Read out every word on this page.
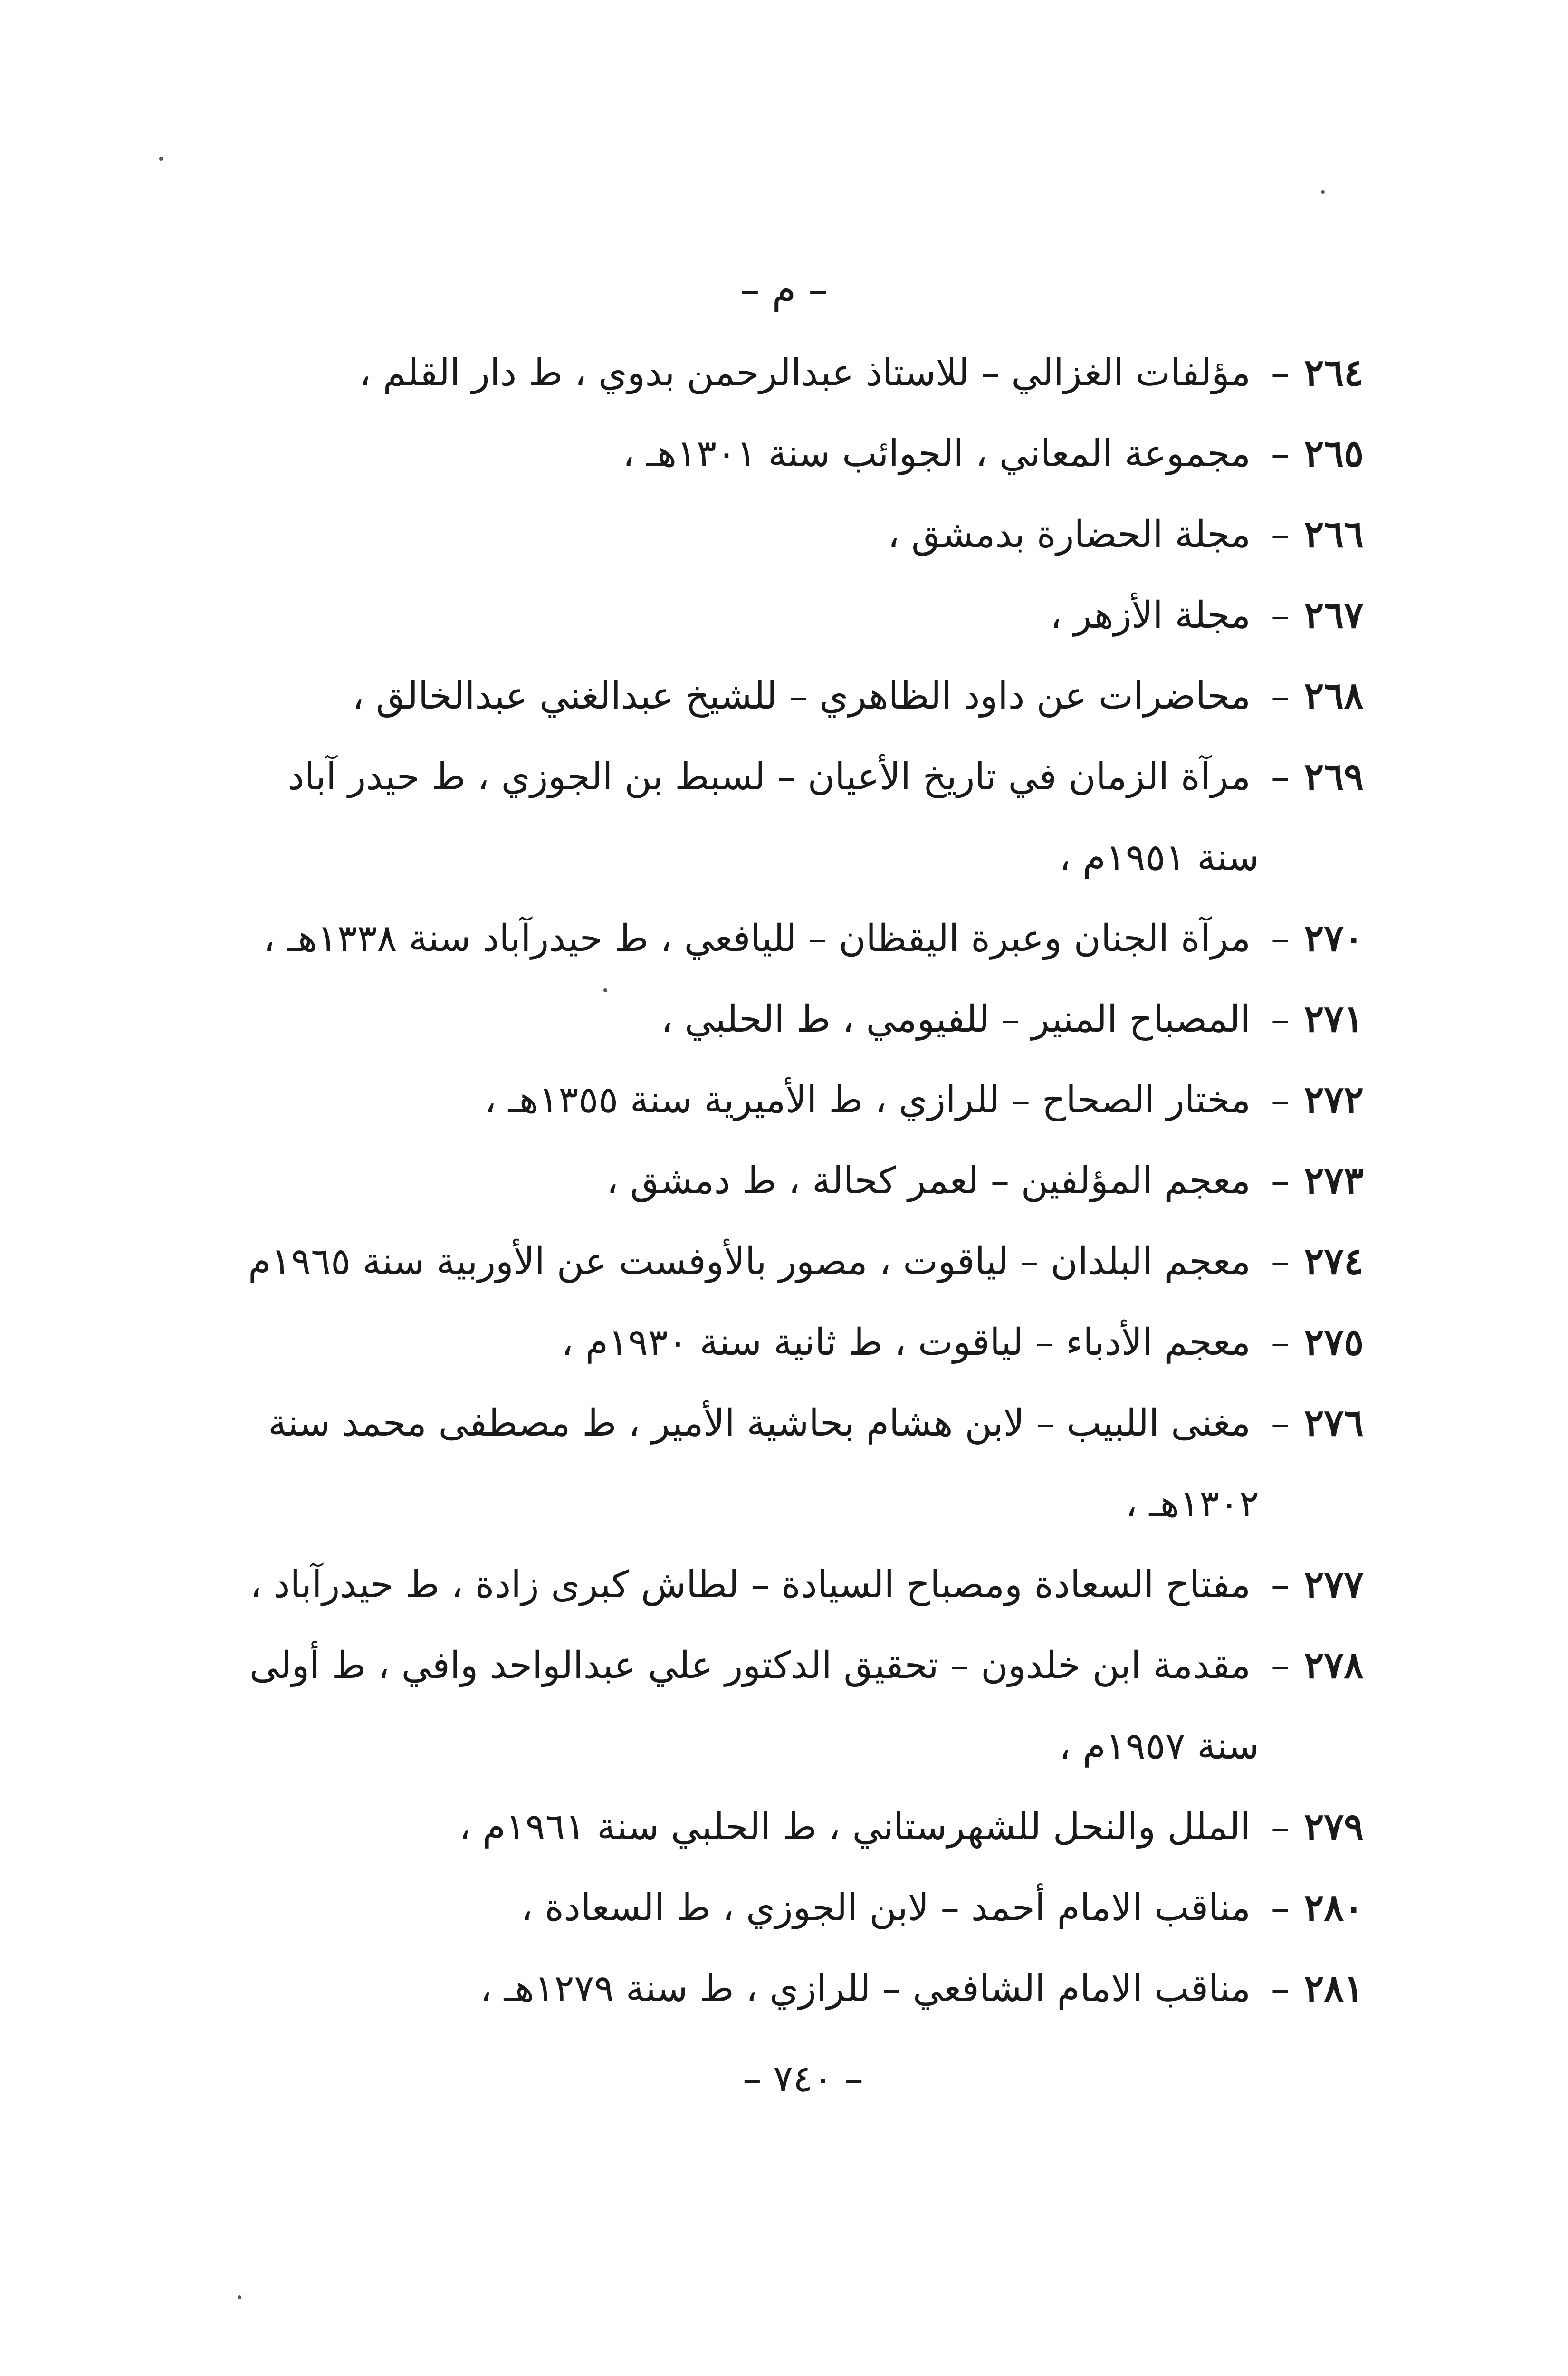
– م –
٢٦٤– مؤلفات الغزالي – للاستاذ عبدالرحمن بدوي ، ط دار القلم ،
٢٦٥– مجموعة المعاني ، الجوائب سنة ١٣٠١هـ ،
٢٦٦– مجلة الحضارة بدمشق ،
٢٦٧– مجلة الأزهر ،
٢٦٨– محاضرات عن داود الظاهري – للشيخ عبدالغني عبدالخالق ،
٢٦٩– مرآة الزمان في تاريخ الأعيان – لسبط بن الجوزي ، ط حيدر آباد
سنة ١٩٥١م ،
٢٧٠– مرآة الجنان وعبرة اليقظان – لليافعي ، ط حيدرآباد سنة ١٣٣٨هـ ،
٢٧١– المصباح المنير – للفيومي ، ط الحلبي ،
٢٧٢– مختار الصحاح – للرازي ، ط الأميرية سنة ١٣٥٥هـ ،
٢٧٣– معجم المؤلفين – لعمر كحالة ، ط دمشق ،
٢٧٤– معجم البلدان – لياقوت ، مصور بالأوفست عن الأوربية سنة ١٩٦٥م
٢٧٥– معجم الأدباء – لياقوت ، ط ثانية سنة ١٩٣٠م ،
٢٧٦– مغنى اللبيب – لابن هشام بحاشية الأمير ، ط مصطفى محمد سنة
١٣٠٢هـ ،
٢٧٧– مفتاح السعادة ومصباح السيادة – لطاش كبرى زادة ، ط حيدرآباد ،
٢٧٨– مقدمة ابن خلدون – تحقيق الدكتور علي عبدالواحد وافي ، ط أولى
سنة ١٩٥٧م ،
٢٧٩– الملل والنحل للشهرستاني ، ط الحلبي سنة ١٩٦١م ،
٢٨٠– مناقب الامام أحمد – لابن الجوزي ، ط السعادة ،
٢٨١– مناقب الامام الشافعي – للرازي ، ط سنة ١٢٧٩هـ ،
– ٧٤٠ –
